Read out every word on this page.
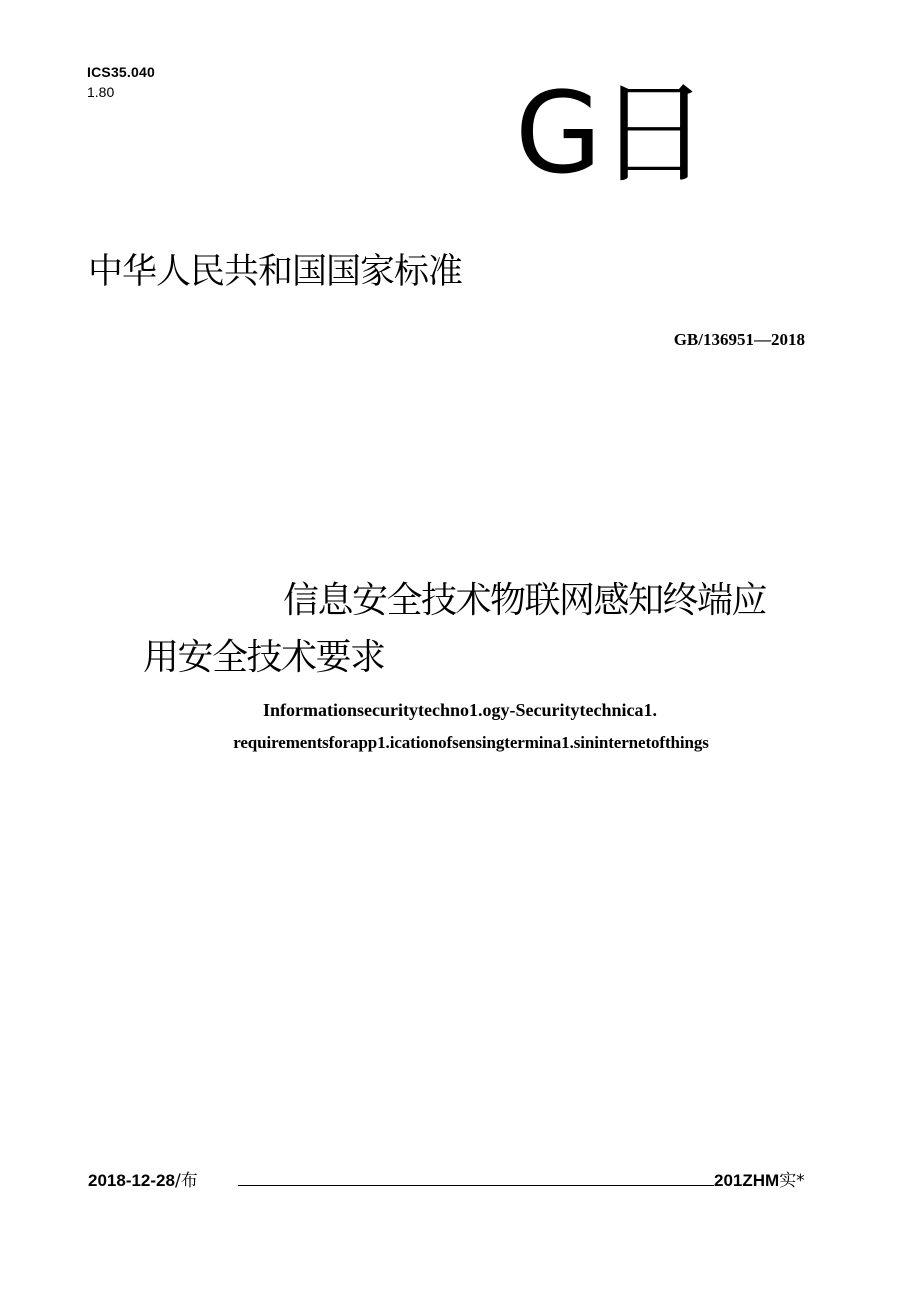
ICS35.040
1.80	G日
中华人民共和国国家标准
GB/136951—2018
信息安全技术物联网感知终端应
用安全技术要求
Informationsecuritytechno1.ogy-Securitytechnica1.
requirementsforapp1.icationofsensingtermina1.sininternetofthings
2018-12-28/布	201ZHM实*
